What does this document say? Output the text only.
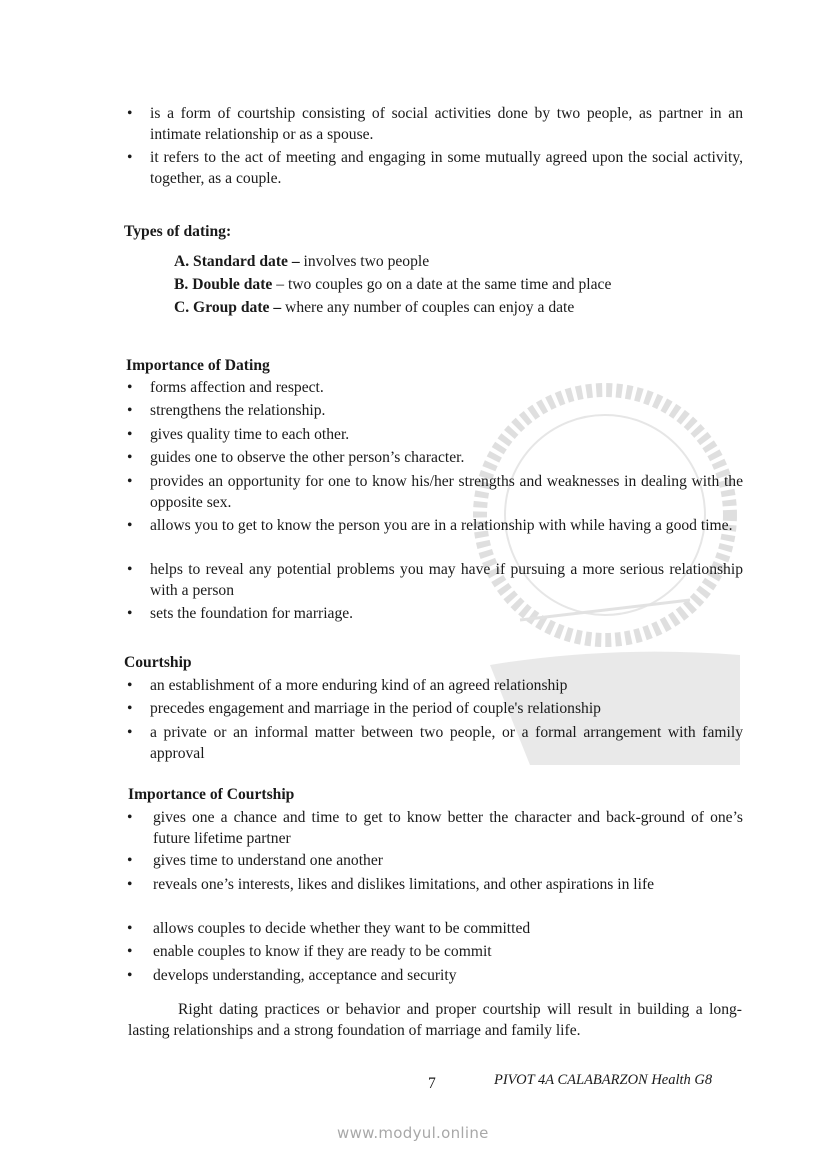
• is a form of courtship consisting of social activities done by two people, as partner in an intimate relationship or as a spouse.
• it refers to the act of meeting and engaging in some mutually agreed upon the social activity, together, as a couple.
Types of dating:
A. Standard date – involves two people
B. Double date – two couples go on a date at the same time and place
C. Group date – where any number of couples can enjoy a date
Importance of Dating
• forms affection and respect.
• strengthens the relationship.
• gives quality time to each other.
• guides one to observe the other person’s character.
• provides an opportunity for one to know his/her strengths and weaknesses in dealing with the opposite sex.
• allows you to get to know the person you are in a relationship with while having a good time.
• helps to reveal any potential problems you may have if pursuing a more serious relationship with a person
• sets the foundation for marriage.
Courtship
• an establishment of a more enduring kind of an agreed relationship
• precedes engagement and marriage in the period of couple's relationship
• a private or an informal matter between two people, or a formal arrangement with family approval
Importance of Courtship
• gives one a chance and time to get to know better the character and back-ground of one’s future lifetime partner
• gives time to understand one another
• reveals one’s interests, likes and dislikes limitations, and other aspirations in life
• allows couples to decide whether they want to be committed
• enable couples to know if they are ready to be commit
• develops understanding, acceptance and security
Right dating practices or behavior and proper courtship will result in building a long-lasting relationships and a strong foundation of marriage and family life.
7	PIVOT 4A CALABARZON Health G8
www.modyul.online
